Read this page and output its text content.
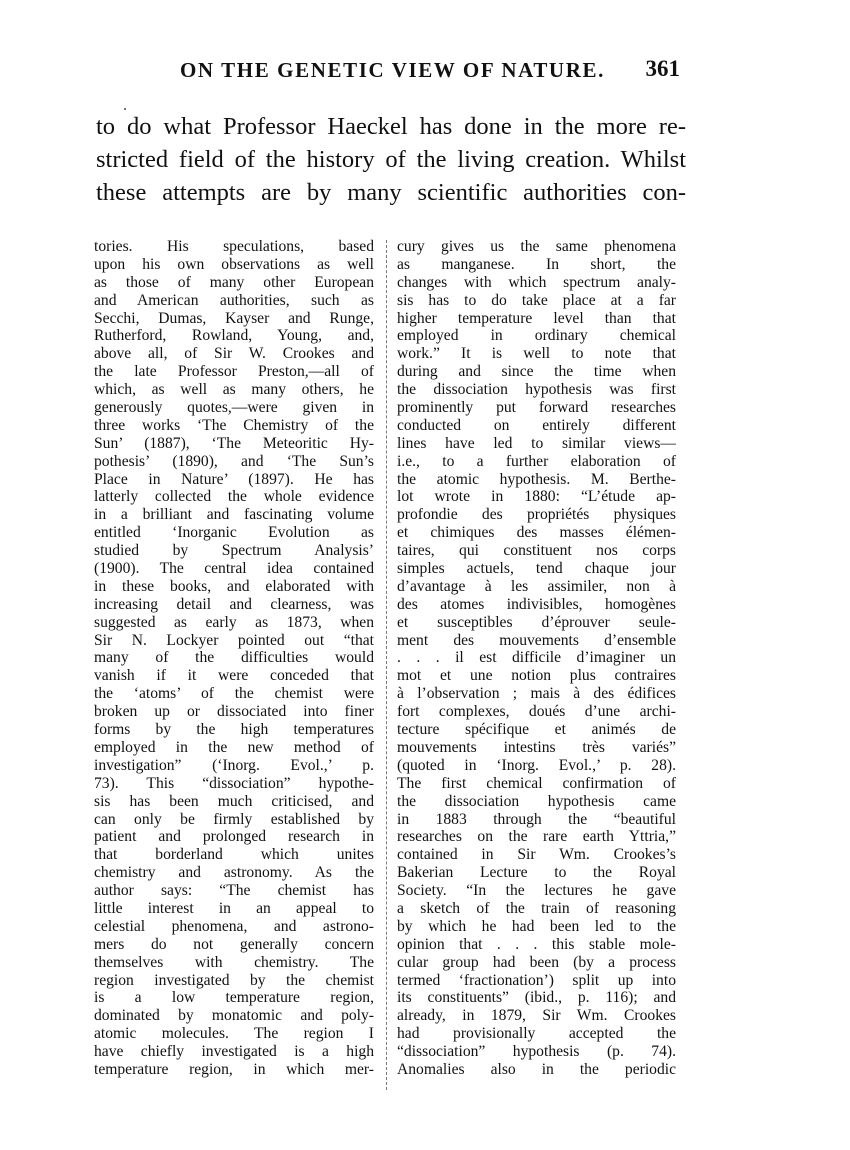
ON THE GENETIC VIEW OF NATURE. 361
to do what Professor Haeckel has done in the more re-
stricted field of the history of the living creation. Whilst
these attempts are by many scientific authorities con-
tories. His speculations, based
upon his own observations as well
as those of many other European
and American authorities, such as
Secchi, Dumas, Kayser and Runge,
Rutherford, Rowland, Young, and,
above all, of Sir W. Crookes and
the late Professor Preston,—all of
which, as well as many others, he
generously quotes,—were given in
three works ‘The Chemistry of the
Sun’ (1887), ‘The Meteoritic Hy-
pothesis’ (1890), and ‘The Sun’s
Place in Nature’ (1897). He has
latterly collected the whole evidence
in a brilliant and fascinating volume
entitled ‘Inorganic Evolution as
studied by Spectrum Analysis’
(1900). The central idea contained
in these books, and elaborated with
increasing detail and clearness, was
suggested as early as 1873, when
Sir N. Lockyer pointed out “that
many of the difficulties would
vanish if it were conceded that
the ‘atoms’ of the chemist were
broken up or dissociated into finer
forms by the high temperatures
employed in the new method of
investigation” (‘Inorg. Evol.,’ p.
73). This “dissociation” hypothe-
sis has been much criticised, and
can only be firmly established by
patient and prolonged research in
that borderland which unites
chemistry and astronomy. As the
author says: “The chemist has
little interest in an appeal to
celestial phenomena, and astrono-
mers do not generally concern
themselves with chemistry. The
region investigated by the chemist
is a low temperature region,
dominated by monatomic and poly-
atomic molecules. The region I
have chiefly investigated is a high
temperature region, in which mer-
cury gives us the same phenomena
as manganese. In short, the
changes with which spectrum analy-
sis has to do take place at a far
higher temperature level than that
employed in ordinary chemical
work.” It is well to note that
during and since the time when
the dissociation hypothesis was first
prominently put forward researches
conducted on entirely different
lines have led to similar views—
i.e., to a further elaboration of
the atomic hypothesis. M. Berthe-
lot wrote in 1880: “L’étude ap-
profondie des propriétés physiques
et chimiques des masses élémen-
taires, qui constituent nos corps
simples actuels, tend chaque jour
d’avantage à les assimiler, non à
des atomes indivisibles, homogènes
et susceptibles d’éprouver seule-
ment des mouvements d’ensemble
. . . il est difficile d’imaginer un
mot et une notion plus contraires
à l’observation ; mais à des édifices
fort complexes, doués d’une archi-
tecture spécifique et animés de
mouvements intestins très variés”
(quoted in ‘Inorg. Evol.,’ p. 28).
The first chemical confirmation of
the dissociation hypothesis came
in 1883 through the “beautiful
researches on the rare earth Yttria,”
contained in Sir Wm. Crookes’s
Bakerian Lecture to the Royal
Society. “In the lectures he gave
a sketch of the train of reasoning
by which he had been led to the
opinion that . . . this stable mole-
cular group had been (by a process
termed ‘fractionation’) split up into
its constituents” (ibid., p. 116); and
already, in 1879, Sir Wm. Crookes
had provisionally accepted the
“dissociation” hypothesis (p. 74).
Anomalies also in the periodic
